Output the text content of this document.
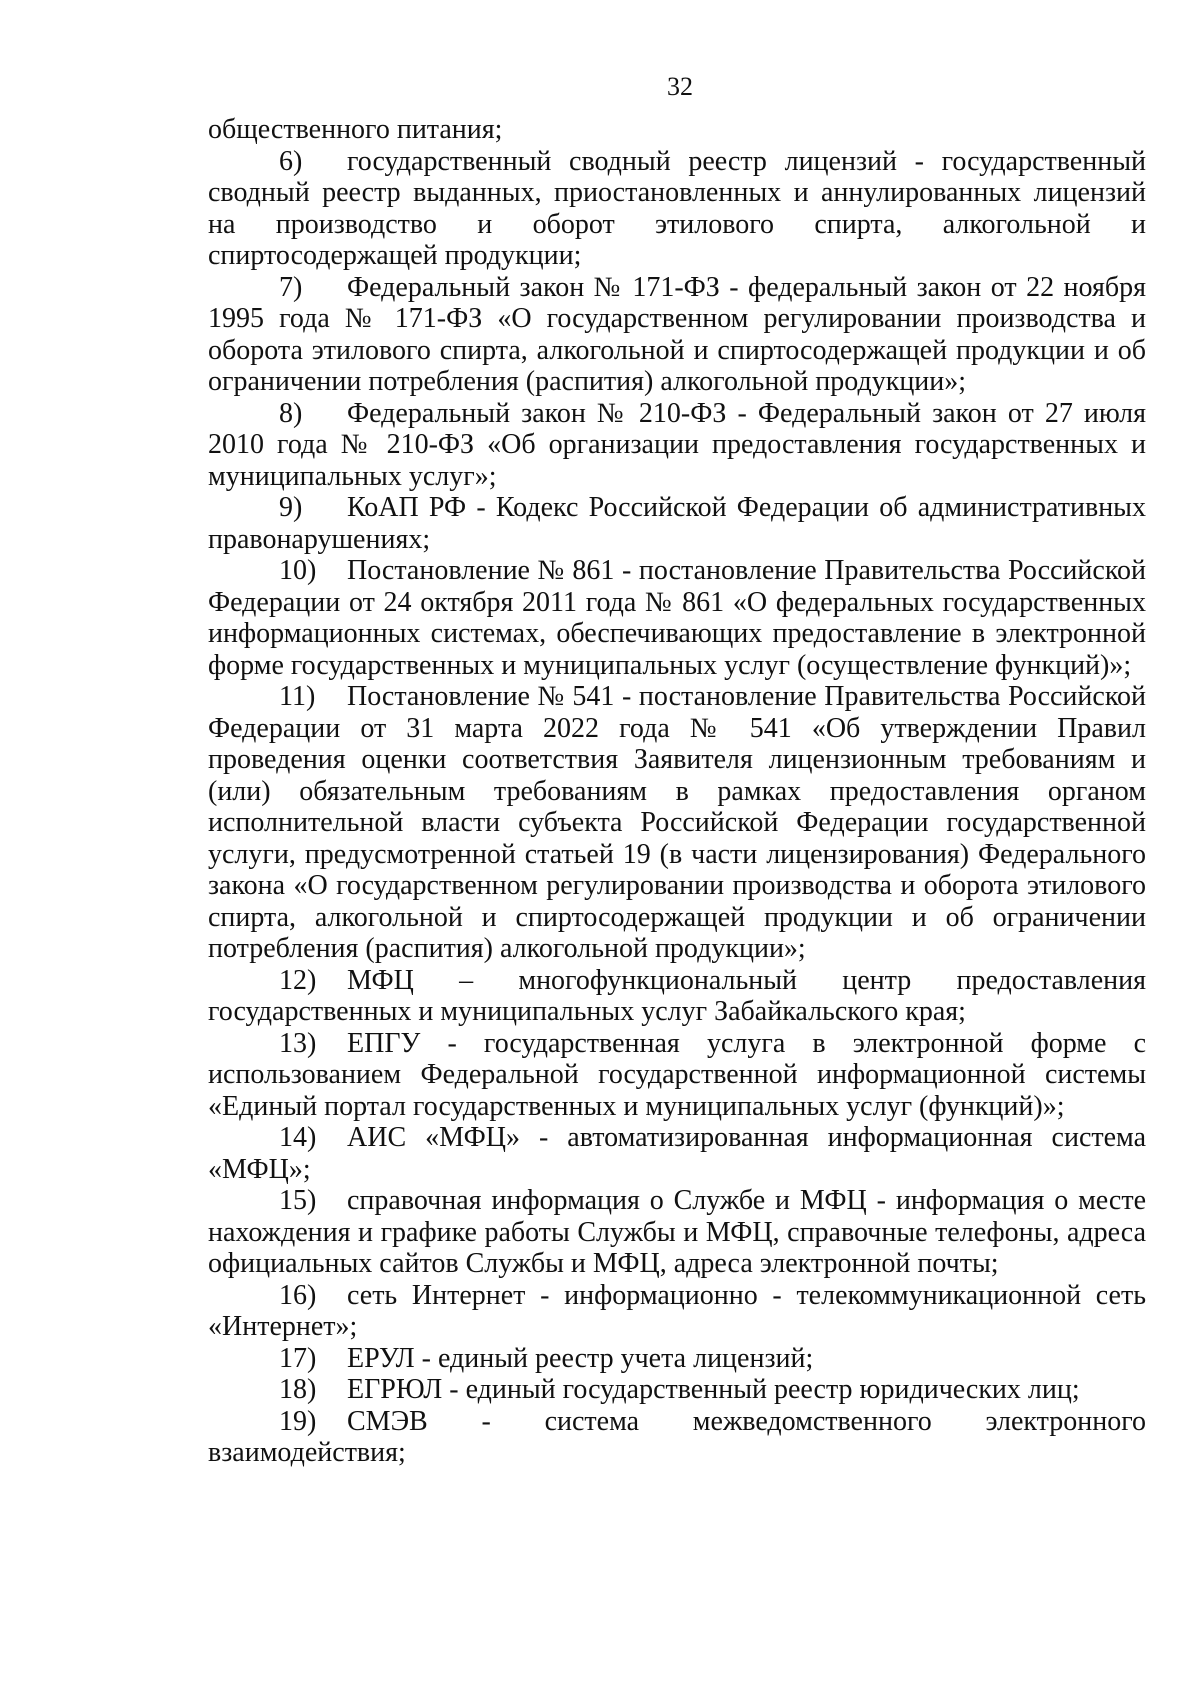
32

общественного питания;

6) государственный сводный реестр лицензий - государственный сводный реестр выданных, приостановленных и аннулированных лицензий на производство и оборот этилового спирта, алкогольной и спиртосодержащей продукции;

7) Федеральный закон № 171-ФЗ - федеральный закон от 22 ноября 1995 года № 171-ФЗ «О государственном регулировании производства и оборота этилового спирта, алкогольной и спиртосодержащей продукции и об ограничении потребления (распития) алкогольной продукции»;

8) Федеральный закон № 210-ФЗ - Федеральный закон от 27 июля 2010 года № 210-ФЗ «Об организации предоставления государственных и муниципальных услуг»;

9) КоАП РФ - Кодекс Российской Федерации об административных правонарушениях;

10) Постановление № 861 - постановление Правительства Российской Федерации от 24 октября 2011 года № 861 «О федеральных государственных информационных системах, обеспечивающих предоставление в электронной форме государственных и муниципальных услуг (осуществление функций)»;

11) Постановление № 541 - постановление Правительства Российской Федерации от 31 марта 2022 года № 541 «Об утверждении Правил проведения оценки соответствия Заявителя лицензионным требованиям и (или) обязательным требованиям в рамках предоставления органом исполнительной власти субъекта Российской Федерации государственной услуги, предусмотренной статьей 19 (в части лицензирования) Федерального закона «О государственном регулировании производства и оборота этилового спирта, алкогольной и спиртосодержащей продукции и об ограничении потребления (распития) алкогольной продукции»;

12) МФЦ – многофункциональный центр предоставления государственных и муниципальных услуг Забайкальского края;

13) ЕПГУ - государственная услуга в электронной форме с использованием Федеральной государственной информационной системы «Единый портал государственных и муниципальных услуг (функций)»;

14) АИС «МФЦ» - автоматизированная информационная система «МФЦ»;

15) справочная информация о Службе и МФЦ - информация о месте нахождения и графике работы Службы и МФЦ, справочные телефоны, адреса официальных сайтов Службы и МФЦ, адреса электронной почты;

16) сеть Интернет - информационно - телекоммуникационной сеть «Интернет»;

17) ЕРУЛ - единый реестр учета лицензий;

18) ЕГРЮЛ - единый государственный реестр юридических лиц;

19) СМЭВ - система межведомственного электронного взаимодействия;
